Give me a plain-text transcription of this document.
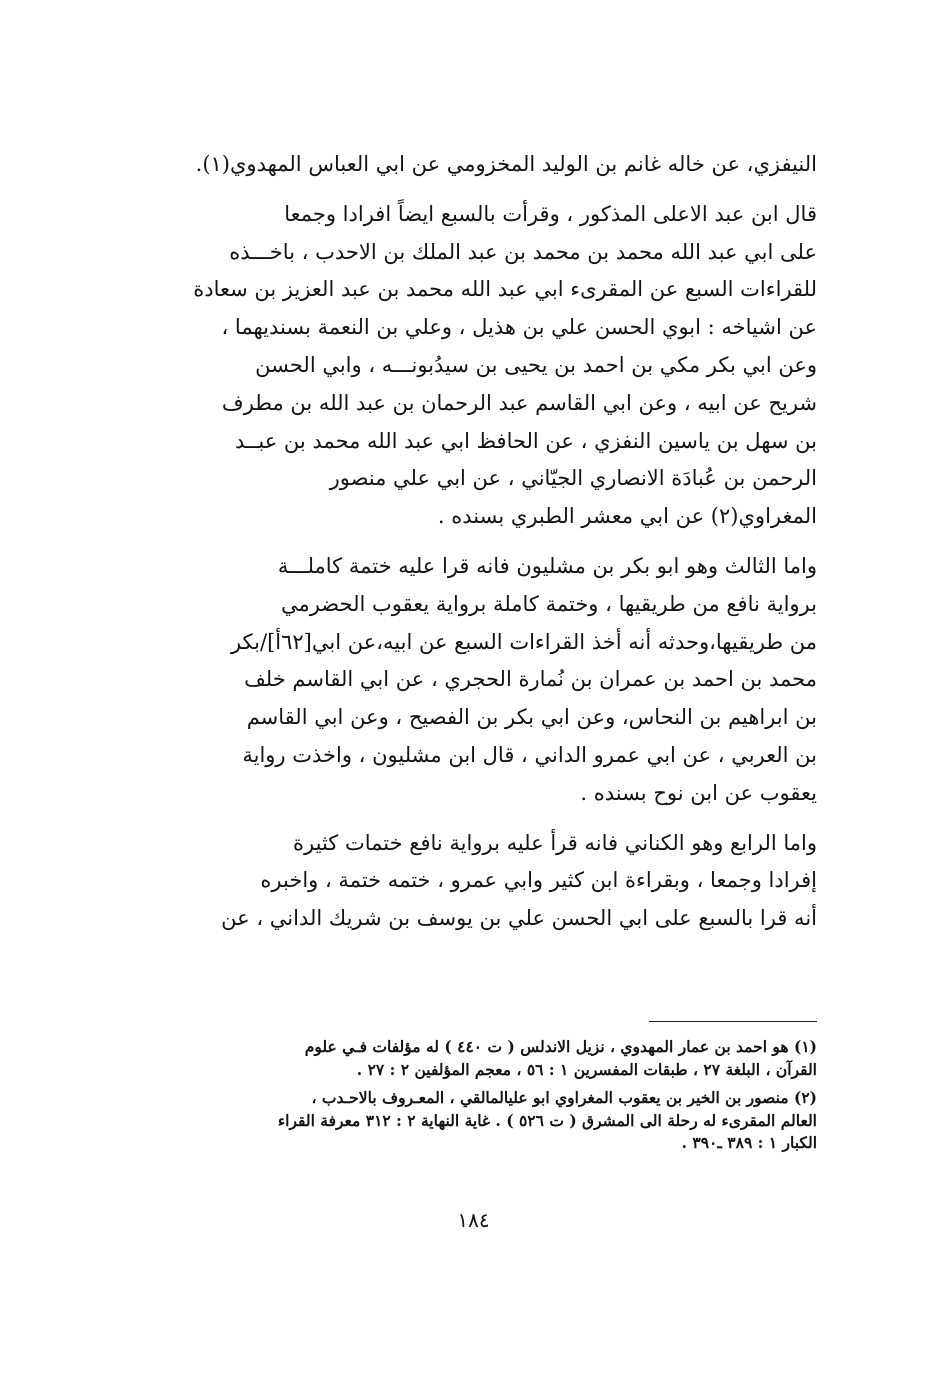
النيفزي، عن خاله غانم بن الوليد المخزومي عن ابي العباس المهدوي(١).
قال ابن عبد الاعلى المذكور ، وقرأت بالسبع ايضاً افرادا وجمعا
على ابي عبد الله محمد بن محمد بن عبد الملك بن الاحدب ، باخـــذه
للقراءات السبع عن المقرىء ابي عبد الله محمد بن عبد العزيز بن سعادة
عن اشياخه : ابوي الحسن علي بن هذيل ، وعلي بن النعمة بسنديهما ،
وعن ابي بكر مكي بن احمد بن يحيى بن سيدُبونـــه ، وابي الحسن
شريح عن ابيه ، وعن ابي القاسم عبد الرحمان بن عبد الله بن مطرف
بن سهل بن ياسين النفزي ، عن الحافظ ابي عبد الله محمد بن عبــد
الرحمن بن عُبادَة الانصاري الجيّاني ، عن ابي علي منصور
المغراوي(٢) عن ابي معشر الطبري بسنده .
واما الثالث وهو ابو بكر بن مشليون فانه قرا عليه ختمة كاملـــة
برواية نافع من طريقيها ، وختمة كاملة برواية يعقوب الحضرمي
من طريقيها،وحدثه أنه أخذ القراءات السبع عن ابيه،عن ابي[٦٢أ]/بكر
محمد بن احمد بن عمران بن نُمارة الحجري ، عن ابي القاسم خلف
بن ابراهيم بن النحاس، وعن ابي بكر بن الفصيح ، وعن ابي القاسم
بن العربي ، عن ابي عمرو الداني ، قال ابن مشليون ، واخذت رواية
يعقوب عن ابن نوح بسنده .
واما الرابع وهو الكناني فانه قرأ عليه برواية نافع ختمات كثيرة
إفرادا وجمعا ، وبقراءة ابن كثير وابي عمرو ، ختمه ختمة ، واخبره
أنه قرا بالسبع على ابي الحسن علي بن يوسف بن شريك الداني ، عن
(١) هو احمد بن عمار المهدوي ، نزيل الاندلس ( ت ٤٤٠ ) له مؤلفات فـي علوم
القرآن ، البلغة ٢٧ ، طبقات المفسرين ١ : ٥٦ ، معجم المؤلفين ٢ : ٢٧ .
(٢) منصور بن الخير بن يعقوب المغراوي ابو عليالمالقي ، المعـروف بالاحـدب ،
العالم المقرىء له رحلة الى المشرق ( ت ٥٢٦ ) . غاية النهاية ٢ : ٣١٢ معرفة القراء
الكبار ١ : ٣٨٩ ـ٣٩٠ .
١٨٤
